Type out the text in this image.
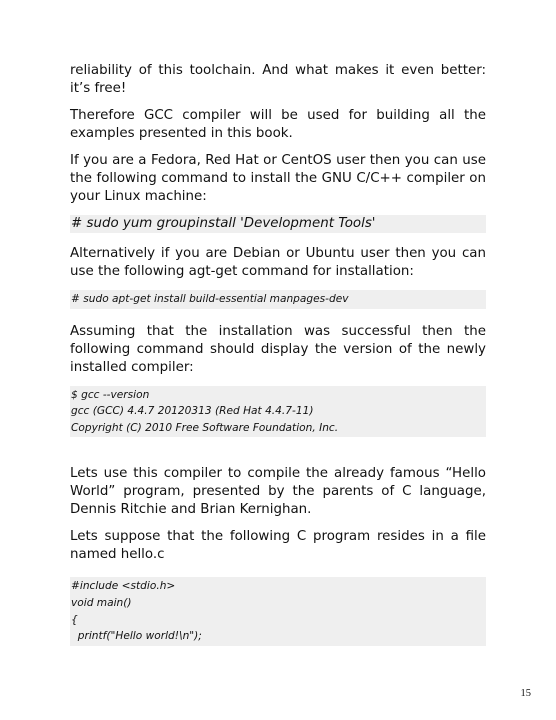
reliability of this toolchain. And what makes it even better: it’s free!

Therefore GCC compiler will be used for building all the examples presented in this book.

If you are a Fedora, Red Hat or CentOS user then you can use the following command to install the GNU C/C++ compiler on your Linux machine:

# sudo yum groupinstall 'Development Tools'

Alternatively if you are Debian or Ubuntu user then you can use the following agt-get command for installation:

# sudo apt-get install build-essential manpages-dev

Assuming that the installation was successful then the following command should display the version of the newly installed compiler:

$ gcc --version
gcc (GCC) 4.4.7 20120313 (Red Hat 4.4.7-11)
Copyright (C) 2010 Free Software Foundation, Inc.

Lets use this compiler to compile the already famous “Hello World” program, presented by the parents of C language, Dennis Ritchie and Brian Kernighan.

Lets suppose that the following C program resides in a file named hello.c

#include <stdio.h>
void main()
{
printf("Hello world!\n");
15
